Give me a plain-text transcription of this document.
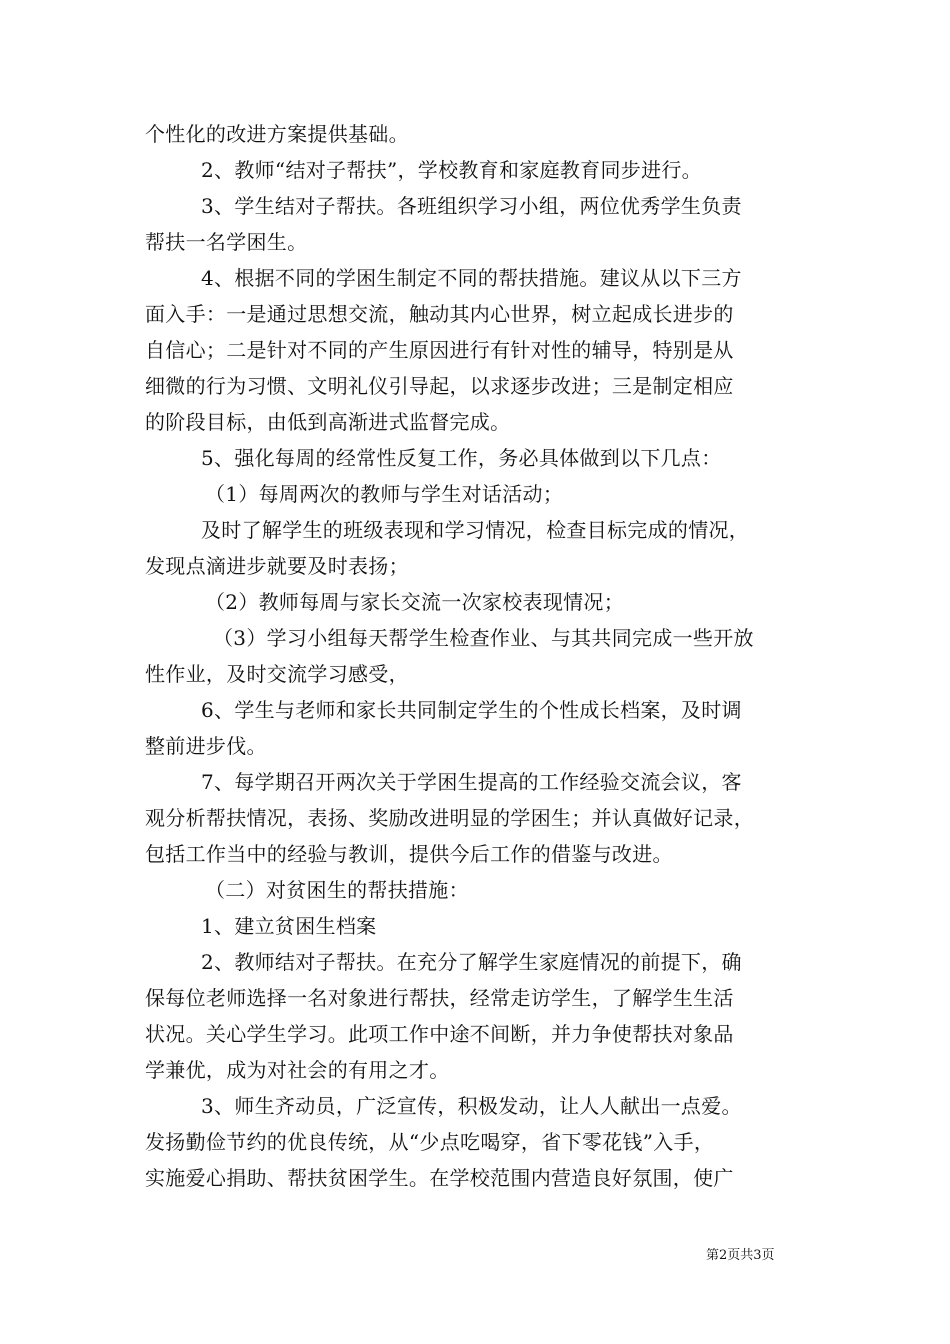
个性化的改进方案提供基础。
2、教师“结对子帮扶”，学校教育和家庭教育同步进行。
3、学生结对子帮扶。各班组织学习小组，两位优秀学生负责
帮扶一名学困生。
4、根据不同的学困生制定不同的帮扶措施。建议从以下三方
面入手：一是通过思想交流，触动其内心世界，树立起成长进步的
自信心；二是针对不同的产生原因进行有针对性的辅导，特别是从
细微的行为习惯、文明礼仪引导起，以求逐步改进；三是制定相应
的阶段目标，由低到高渐进式监督完成。
5、强化每周的经常性反复工作，务必具体做到以下几点：
（1）每周两次的教师与学生对话活动；
及时了解学生的班级表现和学习情况，检查目标完成的情况，
发现点滴进步就要及时表扬；
（2）教师每周与家长交流一次家校表现情况；
（3）学习小组每天帮学生检查作业、与其共同完成一些开放
性作业，及时交流学习感受，
6、学生与老师和家长共同制定学生的个性成长档案，及时调
整前进步伐。
7、每学期召开两次关于学困生提高的工作经验交流会议，客
观分析帮扶情况，表扬、奖励改进明显的学困生；并认真做好记录，
包括工作当中的经验与教训，提供今后工作的借鉴与改进。
（二）对贫困生的帮扶措施：
1、建立贫困生档案
2、教师结对子帮扶。在充分了解学生家庭情况的前提下，确
保每位老师选择一名对象进行帮扶，经常走访学生，了解学生生活
状况。关心学生学习。此项工作中途不间断，并力争使帮扶对象品
学兼优，成为对社会的有用之才。
3、师生齐动员，广泛宣传，积极发动，让人人献出一点爱。
发扬勤俭节约的优良传统，从“少点吃喝穿，省下零花钱”入手，
实施爱心捐助、帮扶贫困学生。在学校范围内营造良好氛围，使广
第2页共3页
